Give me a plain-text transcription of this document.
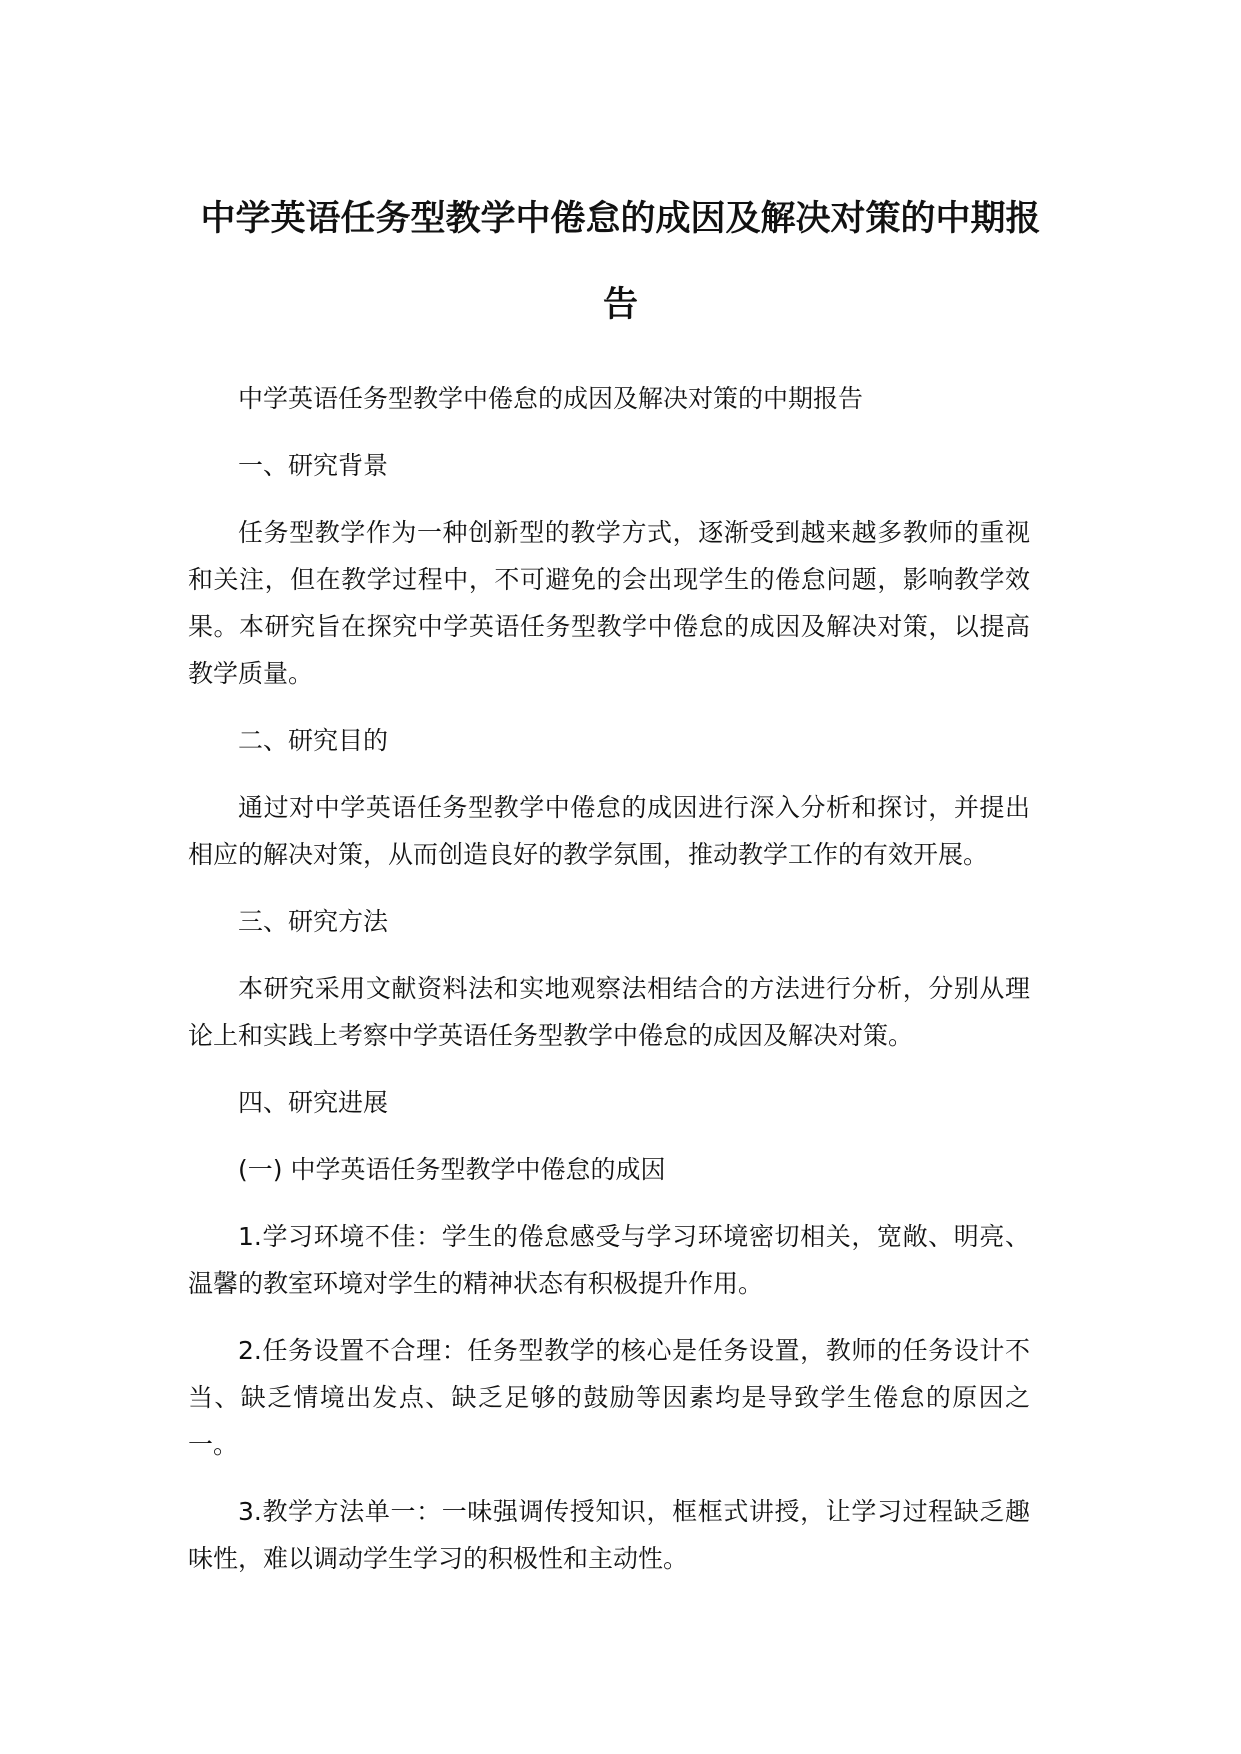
中学英语任务型教学中倦怠的成因及解决对策的中期报告

中学英语任务型教学中倦怠的成因及解决对策的中期报告

一、研究背景

任务型教学作为一种创新型的教学方式，逐渐受到越来越多教师的重视和关注，但在教学过程中，不可避免的会出现学生的倦怠问题，影响教学效果。本研究旨在探究中学英语任务型教学中倦怠的成因及解决对策，以提高教学质量。

二、研究目的

通过对中学英语任务型教学中倦怠的成因进行深入分析和探讨，并提出相应的解决对策，从而创造良好的教学氛围，推动教学工作的有效开展。

三、研究方法

本研究采用文献资料法和实地观察法相结合的方法进行分析，分别从理论上和实践上考察中学英语任务型教学中倦怠的成因及解决对策。

四、研究进展

(一) 中学英语任务型教学中倦怠的成因

1.学习环境不佳：学生的倦怠感受与学习环境密切相关，宽敞、明亮、温馨的教室环境对学生的精神状态有积极提升作用。

2.任务设置不合理：任务型教学的核心是任务设置，教师的任务设计不当、缺乏情境出发点、缺乏足够的鼓励等因素均是导致学生倦怠的原因之一。

3.教学方法单一：一味强调传授知识，框框式讲授，让学习过程缺乏趣味性，难以调动学生学习的积极性和主动性。
